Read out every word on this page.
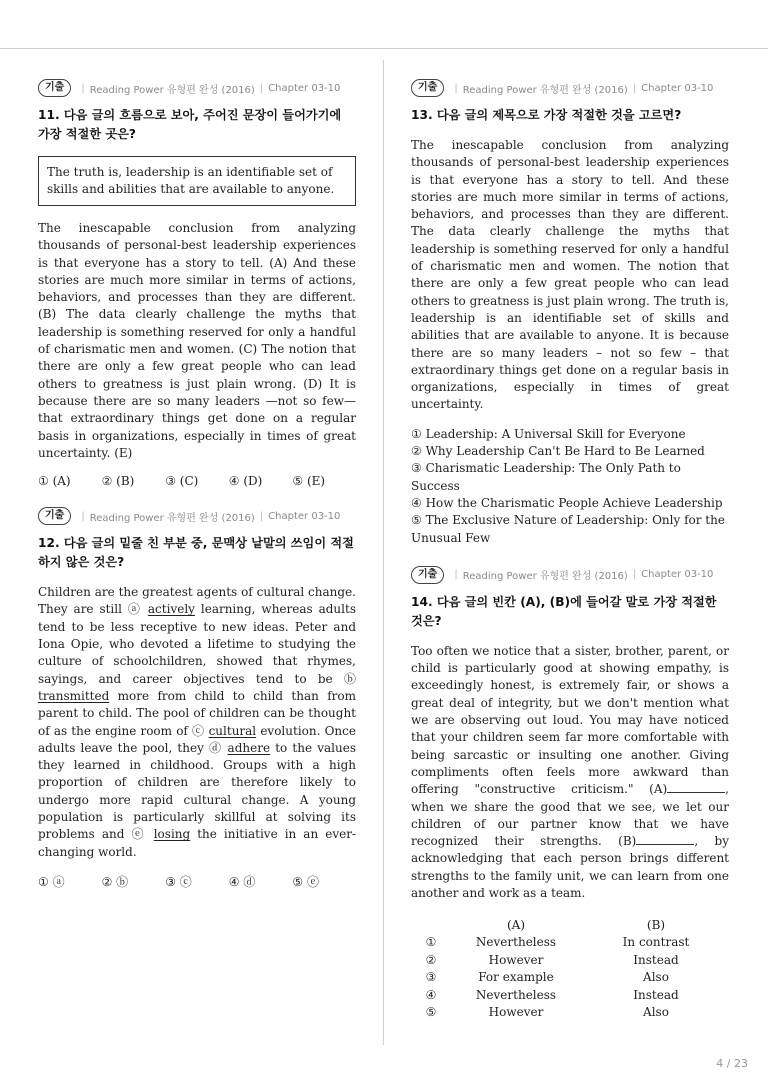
기출	| Reading Power 유형편 완성 (2016) | Chapter 03-10
11. 다음 글의 흐름으로 보아, 주어진 문장이 들어가기에 가장 적절한 곳은?
The truth is, leadership is an identifiable set of skills and abilities that are available to anyone.

The inescapable conclusion from analyzing thousands of personal-best leadership experiences is that everyone has a story to tell. (A) And these stories are much more similar in terms of actions, behaviors, and processes than they are different. (B) The data clearly challenge the myths that leadership is something reserved for only a handful of charismatic men and women. (C) The notion that there are only a few great people who can lead others to greatness is just plain wrong. (D) It is because there are so many leaders —not so few— that extraordinary things get done on a regular basis in organizations, especially in times of great uncertainty. (E)

① (A)	② (B)	③ (C)	④ (D)	⑤ (E)
기출	| Reading Power 유형편 완성 (2016) | Chapter 03-10
12. 다음 글의 밑줄 친 부분 중, 문맥상 낱말의 쓰임이 적절하지 않은 것은?

Children are the greatest agents of cultural change. They are still ⓐ actively learning, whereas adults tend to be less receptive to new ideas. Peter and Iona Opie, who devoted a lifetime to studying the culture of schoolchildren, showed that rhymes, sayings, and career objectives tend to be ⓑ transmitted more from child to child than from parent to child. The pool of children can be thought of as the engine room of ⓒ cultural evolution. Once adults leave the pool, they ⓓ adhere to the values they learned in childhood. Groups with a high proportion of children are therefore likely to undergo more rapid cultural change. A young population is particularly skillful at solving its problems and ⓔ losing the initiative in an ever-changing world.

① ⓐ	② ⓑ	③ ⓒ	④ ⓓ	⑤ ⓔ
기출	| Reading Power 유형편 완성 (2016) | Chapter 03-10
13. 다음 글의 제목으로 가장 적절한 것을 고르면?

The inescapable conclusion from analyzing thousands of personal-best leadership experiences is that everyone has a story to tell. And these stories are much more similar in terms of actions, behaviors, and processes than they are different. The data clearly challenge the myths that leadership is something reserved for only a handful of charismatic men and women. The notion that there are only a few great people who can lead others to greatness is just plain wrong. The truth is, leadership is an identifiable set of skills and abilities that are available to anyone. It is because there are so many leaders – not so few – that extraordinary things get done on a regular basis in organizations, especially in times of great uncertainty.

① Leadership: A Universal Skill for Everyone
② Why Leadership Can't Be Hard to Be Learned
③ Charismatic Leadership: The Only Path to Success
④ How the Charismatic People Achieve Leadership
⑤ The Exclusive Nature of Leadership: Only for the Unusual Few
기출	| Reading Power 유형편 완성 (2016) | Chapter 03-10
14. 다음 글의 빈칸 (A), (B)에 들어갈 말로 가장 적절한 것은?

Too often we notice that a sister, brother, parent, or child is particularly good at showing empathy, is exceedingly honest, is extremely fair, or shows a great deal of integrity, but we don't mention what we are observing out loud. You may have noticed that your children seem far more comfortable with being sarcastic or insulting one another. Giving compliments often feels more awkward than offering "constructive criticism." (A)	, when we share the good that we see, we let our children of our partner know that we have recognized their strengths. (B)	, by acknowledging that each person brings different strengths to the family unit, we can learn from one another and work as a team.

	(A)	(B)
①	Nevertheless	In contrast
②	However	Instead
③	For example	Also
④	Nevertheless	Instead
⑤	However	Also
4 / 23
